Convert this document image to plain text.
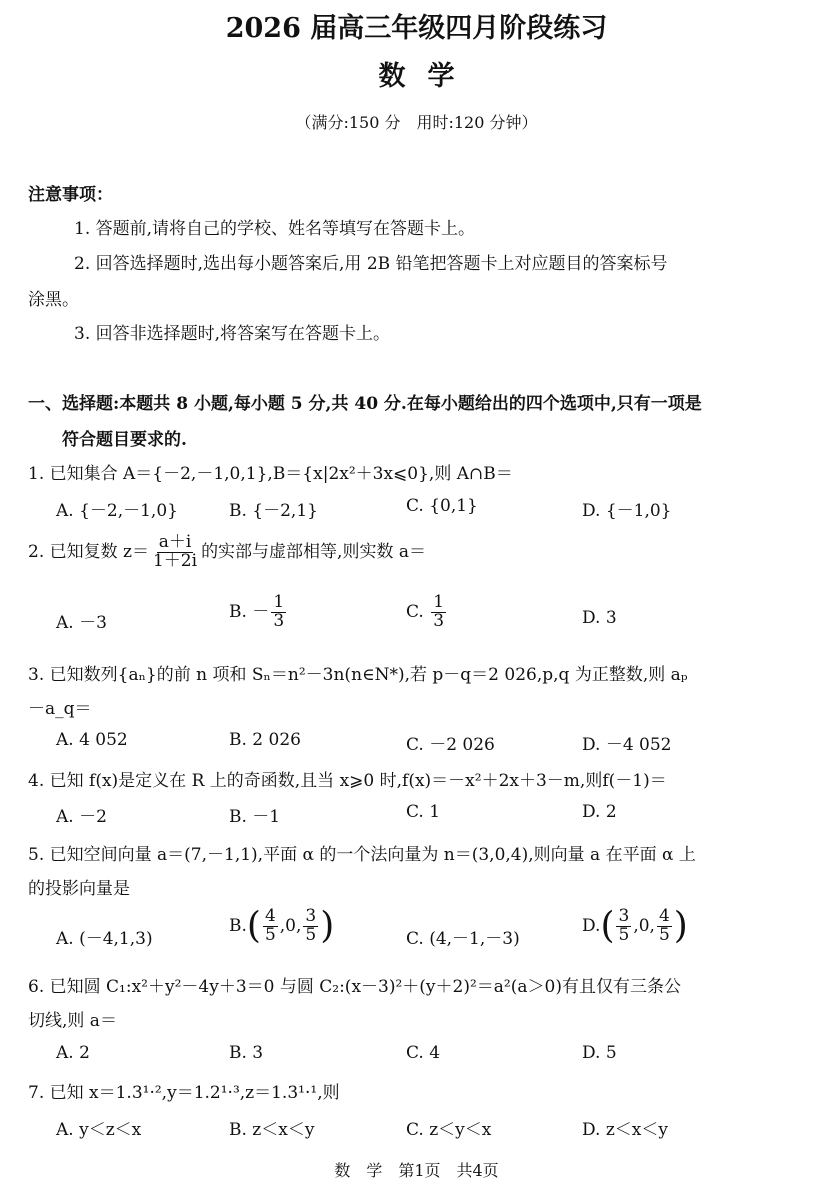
2026 届高三年级四月阶段练习
数学
（满分:150 分　用时:120 分钟）
注意事项：
1. 答题前,请将自己的学校、姓名等填写在答题卡上。
2. 回答选择题时,选出每小题答案后,用 2B 铅笔把答题卡上对应题目的答案标号
涂黑。
3. 回答非选择题时,将答案写在答题卡上。
一、选择题:本题共 8 小题,每小题 5 分,共 40 分.在每小题给出的四个选项中,只有一项是
符合题目要求的.
1. 已知集合 A＝{－2,－1,0,1},B＝{x|2x²＋3x⩽0},则 A∩B＝
A. {－2,－1,0}	B. {－2,1}	C. {0,1}	D. {－1,0}
2. 已知复数 $z= \frac{a+i}{1+2i}$ 的实部与虚部相等,则实数 a＝
A. －3
B. － $\frac{1}{3}$	C. $\frac{1}{3}$	D. 3
3. 已知数列{aₙ}的前 n 项和 Sₙ＝n²－3n(n∈N*),若 p－q＝2 026,p,q 为正整数,则 aₚ
－a_q＝
A. 4 052	B. 2 026	C. －2 026	D. －4 052
4. 已知 f(x)是定义在 R 上的奇函数,且当 x⩾0 时,f(x)＝－x²＋2x＋3－m,则f(－1)＝
A. －2	B. －1	C. 1	D. 2
5. 已知空间向量 a＝(7,－1,1),平面 α 的一个法向量为 n＝(3,0,4),则向量 a 在平面 α 上
的投影向量是
A. (－4,1,3)
$B.( \frac{4}{5} ,0$, $\frac{3}{5}$ )	C. (4,－1,－3)
$D.( \frac{3}{5} ,0$, $\frac{4}{5}$ )
6. 已知圆 C₁:x²＋y²－4y＋3＝0 与圆 C₂:(x－3)²＋(y＋2)²＝a²(a＞0)有且仅有三条公
切线,则 a＝
A. 2	B. 3	C. 4	D. 5
7. 已知 x＝1.3¹·²,y＝1.2¹·³,z＝1.3¹·¹,则
A. y＜z＜x	B. z＜x＜y	C. z＜y＜x	D. z＜x＜y
数　学　第1页　共4页
